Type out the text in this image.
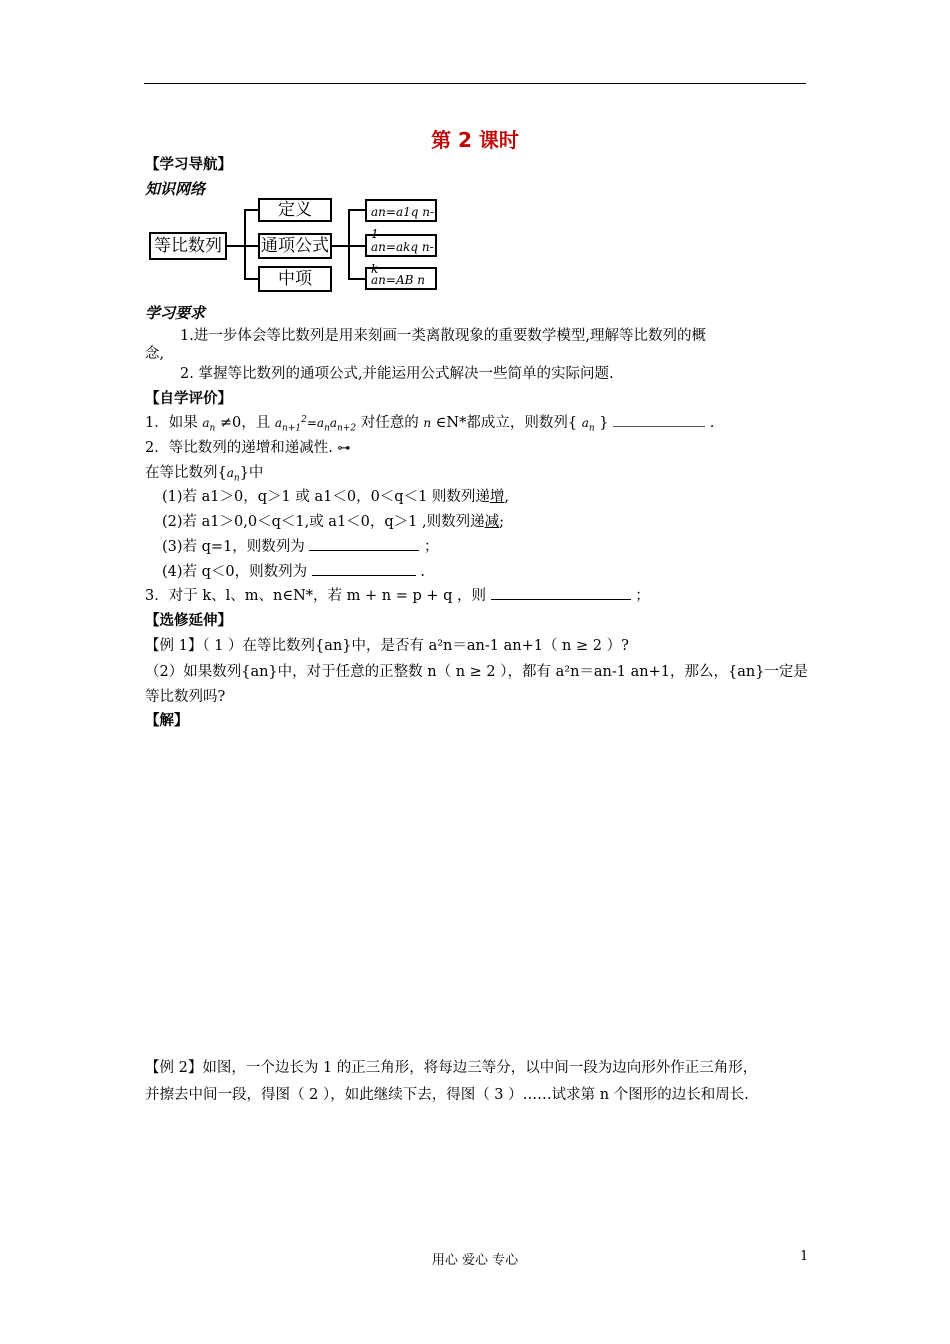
第 2 课时
【学习导航】
知识网络
等比数列
定义
通项公式
中项
an=a1q n-1
an=akq n-k
an=AB n
学习要求
1.进一步体会等比数列是用来刻画一类离散现象的重要数学模型,理解等比数列的概
念,
2. 掌握等比数列的通项公式,并能运用公式解决一些简单的实际问题.
【自学评价】
1．如果 $a_n \ne 0$，且 $a_{n+1}^2=a_na_{n+2}$ 对任意的 n ∈N*都成立，则数列{ $a_n$ }	.
2．等比数列的递增和递减性. ⊶
在等比数列$\{a_n\}$中
(1)若 a1＞0，q＞1 或 a1＜0，0＜q＜1 则数列递增,
(2)若 a1＞0,0＜q＜1,或 a1＜0，q＞1 ,则数列递减;
(3)若 q=1，则数列为	；
(4)若 q＜0，则数列为	.
3．对于 k、l、m、n∈N*，若 m + n = p + q ，则	；
【选修延伸】
【例 1】（ 1 ）在等比数列{an}中，是否有 a²n＝an-1 an+1（ n ≥ 2 ）?
（2）如果数列{an}中，对于任意的正整数 n（ n ≥ 2 ），都有 a²n＝an-1 an+1，那么，{an}一定是
等比数列吗?
【解】
【例 2】如图，一个边长为 1 的正三角形，将每边三等分，以中间一段为边向形外作正三角形，
并擦去中间一段，得图（ 2 ），如此继续下去，得图（ 3 ）……试求第 n 个图形的边长和周长.
用心 爱心 专心	1
